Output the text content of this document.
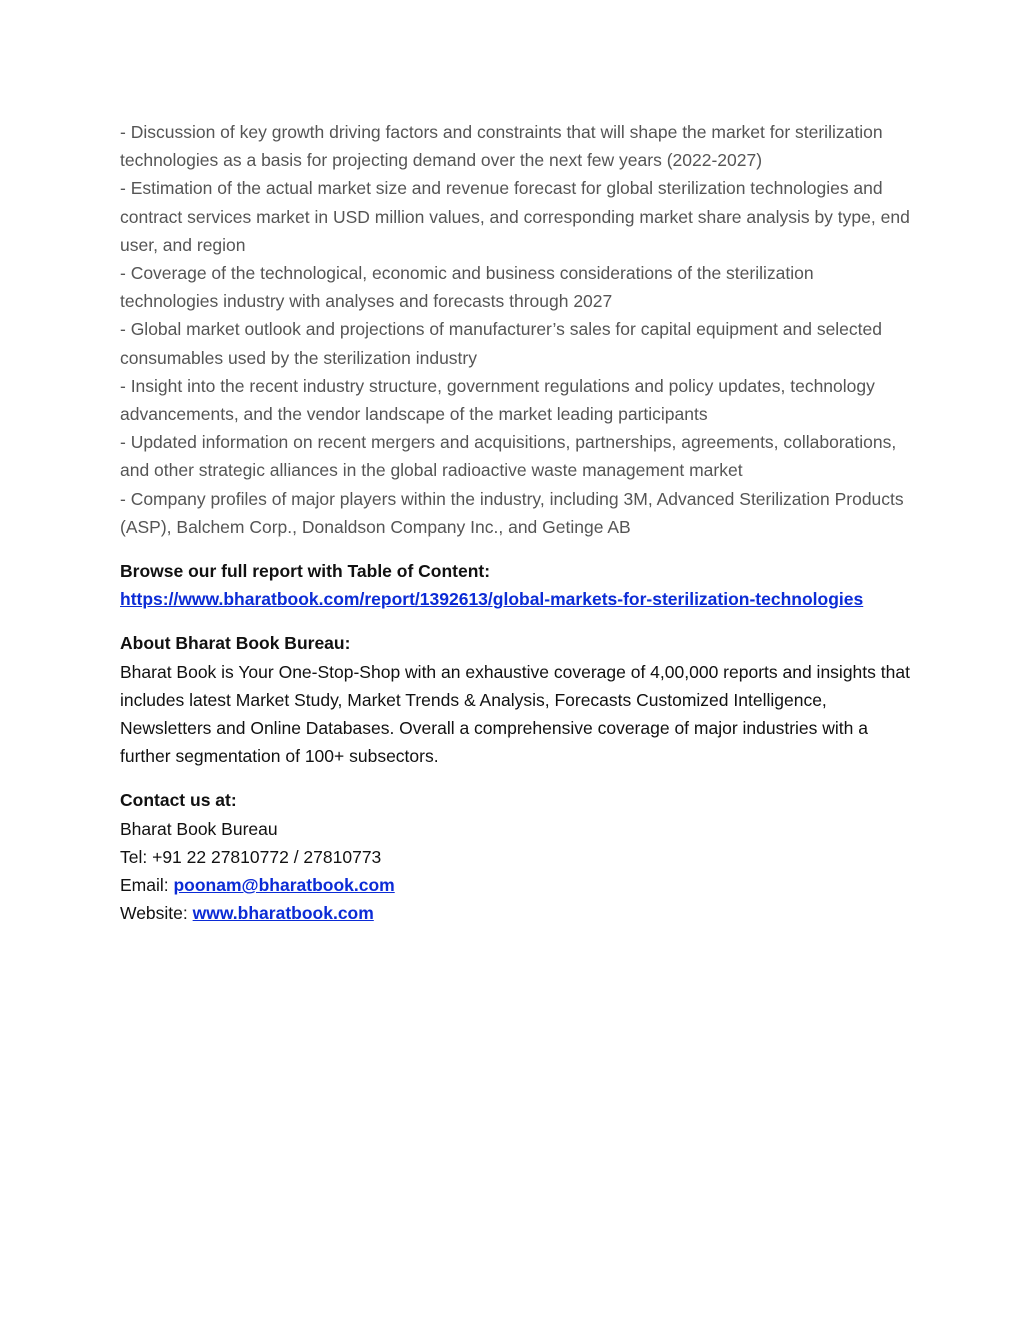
- Discussion of key growth driving factors and constraints that will shape the market for sterilization technologies as a basis for projecting demand over the next few years (2022-2027)
- Estimation of the actual market size and revenue forecast for global sterilization technologies and contract services market in USD million values, and corresponding market share analysis by type, end user, and region
- Coverage of the technological, economic and business considerations of the sterilization technologies industry with analyses and forecasts through 2027
- Global market outlook and projections of manufacturer’s sales for capital equipment and selected consumables used by the sterilization industry
- Insight into the recent industry structure, government regulations and policy updates, technology advancements, and the vendor landscape of the market leading participants
- Updated information on recent mergers and acquisitions, partnerships, agreements, collaborations, and other strategic alliances in the global radioactive waste management market
- Company profiles of major players within the industry, including 3M, Advanced Sterilization Products (ASP), Balchem Corp., Donaldson Company Inc., and Getinge AB
Browse our full report with Table of Content:
https://www.bharatbook.com/report/1392613/global-markets-for-sterilization-technologies
About Bharat Book Bureau:
Bharat Book is Your One-Stop-Shop with an exhaustive coverage of 4,00,000 reports and insights that includes latest Market Study, Market Trends & Analysis, Forecasts Customized Intelligence, Newsletters and Online Databases. Overall a comprehensive coverage of major industries with a further segmentation of 100+ subsectors.
Contact us at:
Bharat Book Bureau
Tel: +91 22 27810772 / 27810773
Email: poonam@bharatbook.com
Website: www.bharatbook.com
